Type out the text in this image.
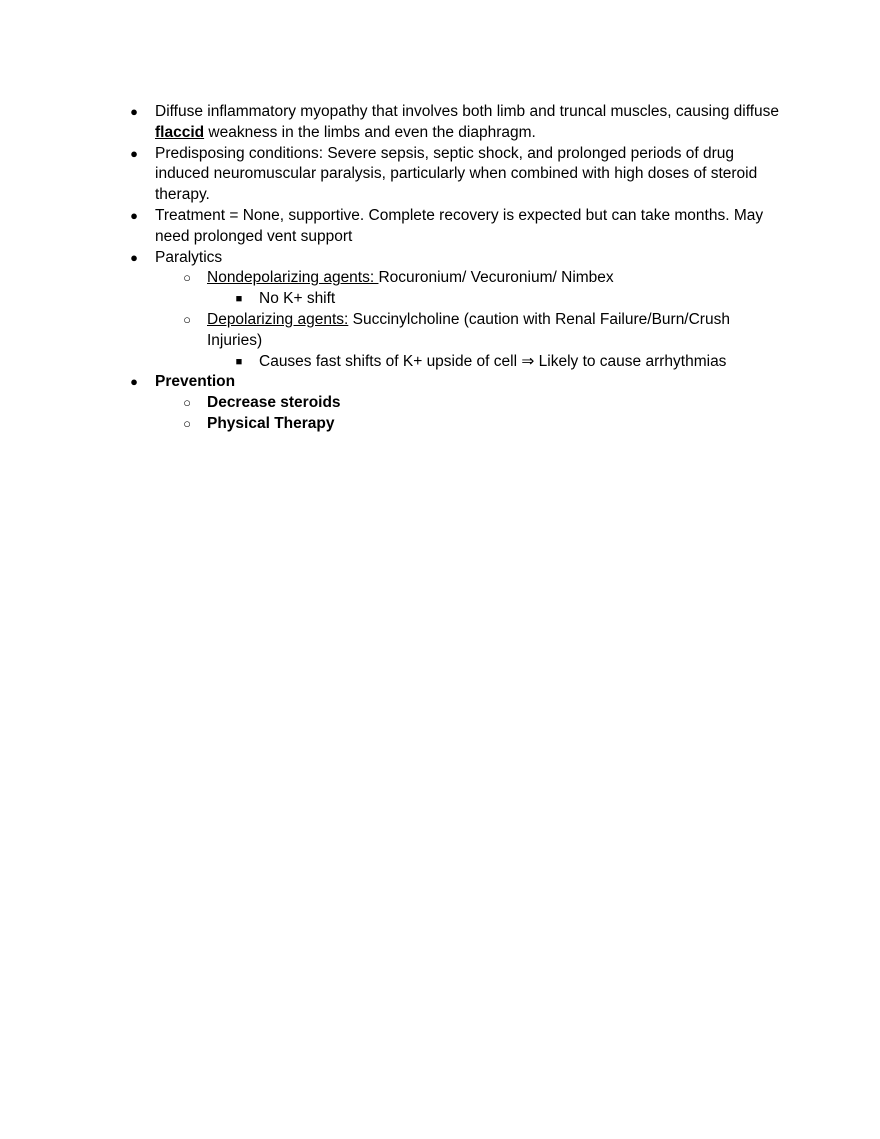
● Diffuse inflammatory myopathy that involves both limb and truncal muscles, causing diffuse flaccid weakness in the limbs and even the diaphragm.
● Predisposing conditions: Severe sepsis, septic shock, and prolonged periods of drug induced neuromuscular paralysis, particularly when combined with high doses of steroid therapy.
● Treatment = None, supportive. Complete recovery is expected but can take months. May need prolonged vent support
● Paralytics
○ Nondepolarizing agents: Rocuronium/ Vecuronium/ Nimbex
■ No K+ shift
○ Depolarizing agents: Succinylcholine (caution with Renal Failure/Burn/Crush Injuries)
■ Causes fast shifts of K+ upside of cell ⇒ Likely to cause arrhythmias
● Prevention
○ Decrease steroids
○ Physical Therapy
